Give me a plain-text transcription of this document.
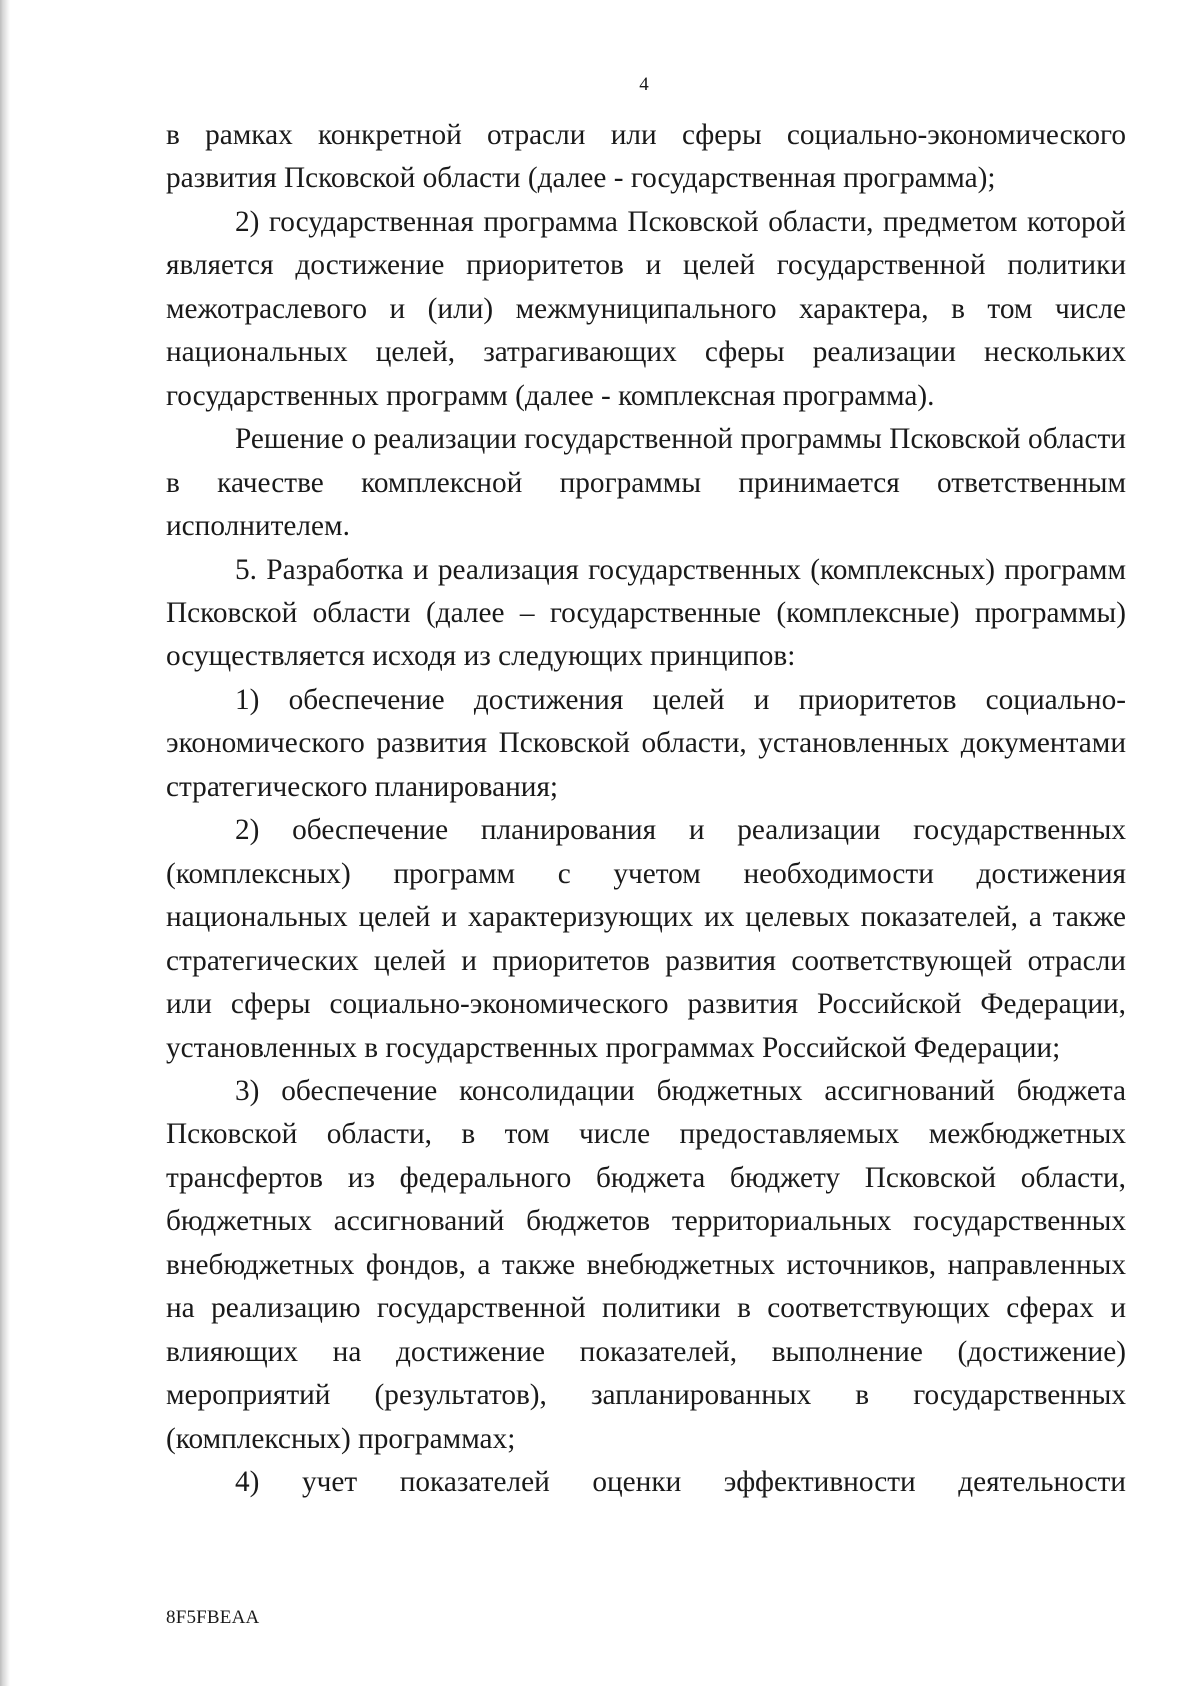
4

в рамках конкретной отрасли или сферы социально-экономического развития Псковской области (далее - государственная программа);

2) государственная программа Псковской области, предметом которой является достижение приоритетов и целей государственной политики межотраслевого и (или) межмуниципального характера, в том числе национальных целей, затрагивающих сферы реализации нескольких государственных программ (далее - комплексная программа).

Решение о реализации государственной программы Псковской области в качестве комплексной программы принимается ответственным исполнителем.

5. Разработка и реализация государственных (комплексных) программ Псковской области (далее – государственные (комплексные) программы) осуществляется исходя из следующих принципов:

1) обеспечение достижения целей и приоритетов социально-экономического развития Псковской области, установленных документами стратегического планирования;

2) обеспечение планирования и реализации государственных (комплексных) программ с учетом необходимости достижения национальных целей и характеризующих их целевых показателей, а также стратегических целей и приоритетов развития соответствующей отрасли или сферы социально-экономического развития Российской Федерации, установленных в государственных программах Российской Федерации;

3) обеспечение консолидации бюджетных ассигнований бюджета Псковской области, в том числе предоставляемых межбюджетных трансфертов из федерального бюджета бюджету Псковской области, бюджетных ассигнований бюджетов территориальных государственных внебюджетных фондов, а также внебюджетных источников, направленных на реализацию государственной политики в соответствующих сферах и влияющих на достижение показателей, выполнение (достижение) мероприятий (результатов), запланированных в государственных (комплексных) программах;

4) учет показателей оценки эффективности деятельности

8F5FBEAA
